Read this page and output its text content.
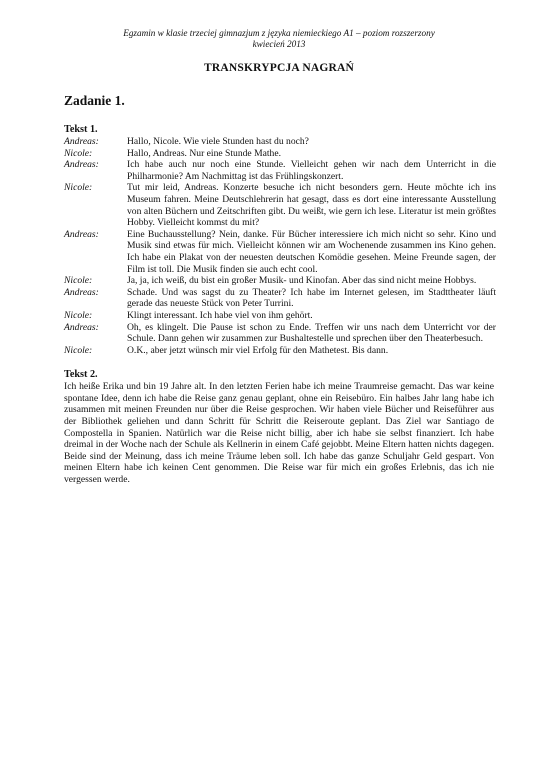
Egzamin w klasie trzeciej gimnazjum z języka niemieckiego A1 – poziom rozszerzony
kwiecień 2013
TRANSKRYPCJA NAGRAŃ
Zadanie 1.
Tekst 1.
Andreas:	Hallo, Nicole. Wie viele Stunden hast du noch?
Nicole:	Hallo, Andreas. Nur eine Stunde Mathe.
Andreas:	Ich habe auch nur noch eine Stunde. Vielleicht gehen wir nach dem Unterricht in die Philharmonie? Am Nachmittag ist das Frühlingskonzert.
Nicole:	Tut mir leid, Andreas. Konzerte besuche ich nicht besonders gern. Heute möchte ich ins Museum fahren. Meine Deutschlehrerin hat gesagt, dass es dort eine interessante Ausstellung von alten Büchern und Zeitschriften gibt. Du weißt, wie gern ich lese. Literatur ist mein größtes Hobby. Vielleicht kommst du mit?
Andreas:	Eine Buchausstellung? Nein, danke. Für Bücher interessiere ich mich nicht so sehr. Kino und Musik sind etwas für mich. Vielleicht können wir am Wochenende zusammen ins Kino gehen. Ich habe ein Plakat von der neuesten deutschen Komödie gesehen. Meine Freunde sagen, der Film ist toll. Die Musik finden sie auch echt cool.
Nicole:	Ja, ja, ich weiß, du bist ein großer Musik- und Kinofan. Aber das sind nicht meine Hobbys.
Andreas:	Schade. Und was sagst du zu Theater? Ich habe im Internet gelesen, im Stadttheater läuft gerade das neueste Stück von Peter Turrini.
Nicole:	Klingt interessant. Ich habe viel von ihm gehört.
Andreas:	Oh, es klingelt. Die Pause ist schon zu Ende. Treffen wir uns nach dem Unterricht vor der Schule. Dann gehen wir zusammen zur Bushaltestelle und sprechen über den Theaterbesuch.
Nicole:	O.K., aber jetzt wünsch mir viel Erfolg für den Mathetest. Bis dann.
Tekst 2.
Ich heiße Erika und bin 19 Jahre alt. In den letzten Ferien habe ich meine Traumreise gemacht. Das war keine spontane Idee, denn ich habe die Reise ganz genau geplant, ohne ein Reisebüro. Ein halbes Jahr lang habe ich zusammen mit meinen Freunden nur über die Reise gesprochen. Wir haben viele Bücher und Reiseführer aus der Bibliothek geliehen und dann Schritt für Schritt die Reiseroute geplant. Das Ziel war Santiago de Compostella in Spanien. Natürlich war die Reise nicht billig, aber ich habe sie selbst finanziert. Ich habe dreimal in der Woche nach der Schule als Kellnerin in einem Café gejobbt. Meine Eltern hatten nichts dagegen. Beide sind der Meinung, dass ich meine Träume leben soll. Ich habe das ganze Schuljahr Geld gespart. Von meinen Eltern habe ich keinen Cent genommen. Die Reise war für mich ein großes Erlebnis, das ich nie vergessen werde.
